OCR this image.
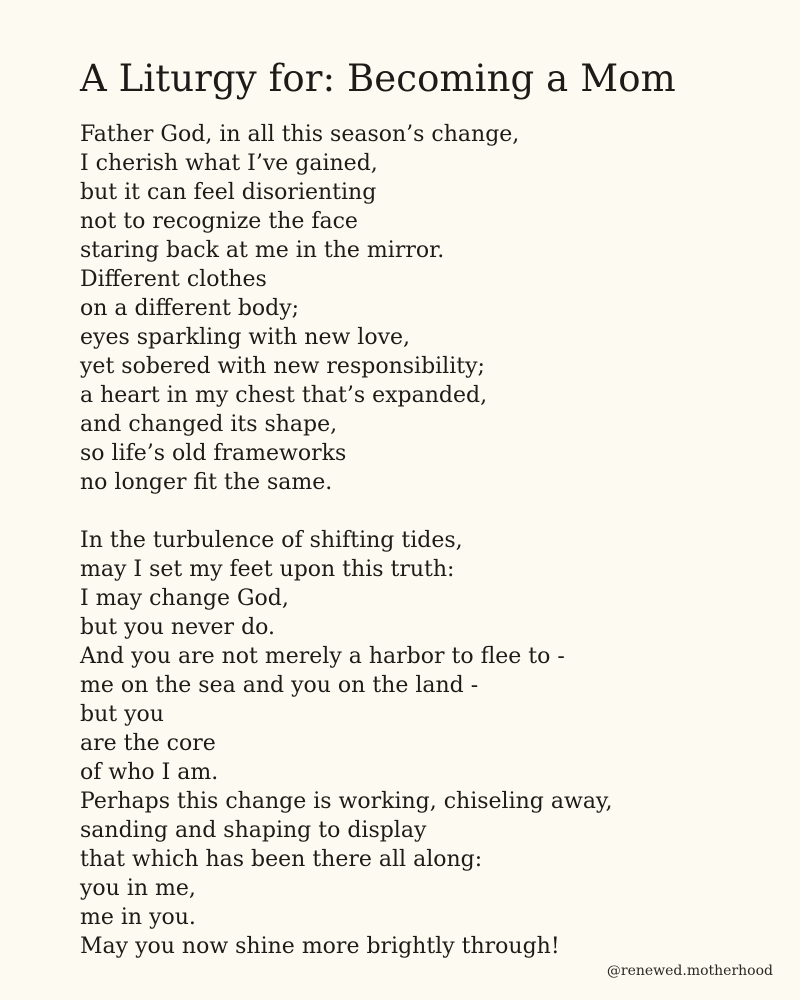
A Liturgy for: Becoming a Mom
Father God, in all this season’s change,
I cherish what I’ve gained,
but it can feel disorienting
not to recognize the face
staring back at me in the mirror.
Different clothes
on a different body;
eyes sparkling with new love,
yet sobered with new responsibility;
a heart in my chest that’s expanded,
and changed its shape,
so life’s old frameworks
no longer fit the same.
In the turbulence of shifting tides,
may I set my feet upon this truth:
I may change God,
but you never do.
And you are not merely a harbor to flee to -
me on the sea and you on the land -
but you
are the core
of who I am.
Perhaps this change is working, chiseling away,
sanding and shaping to display
that which has been there all along:
you in me,
me in you.
May you now shine more brightly through!
@renewed.motherhood
